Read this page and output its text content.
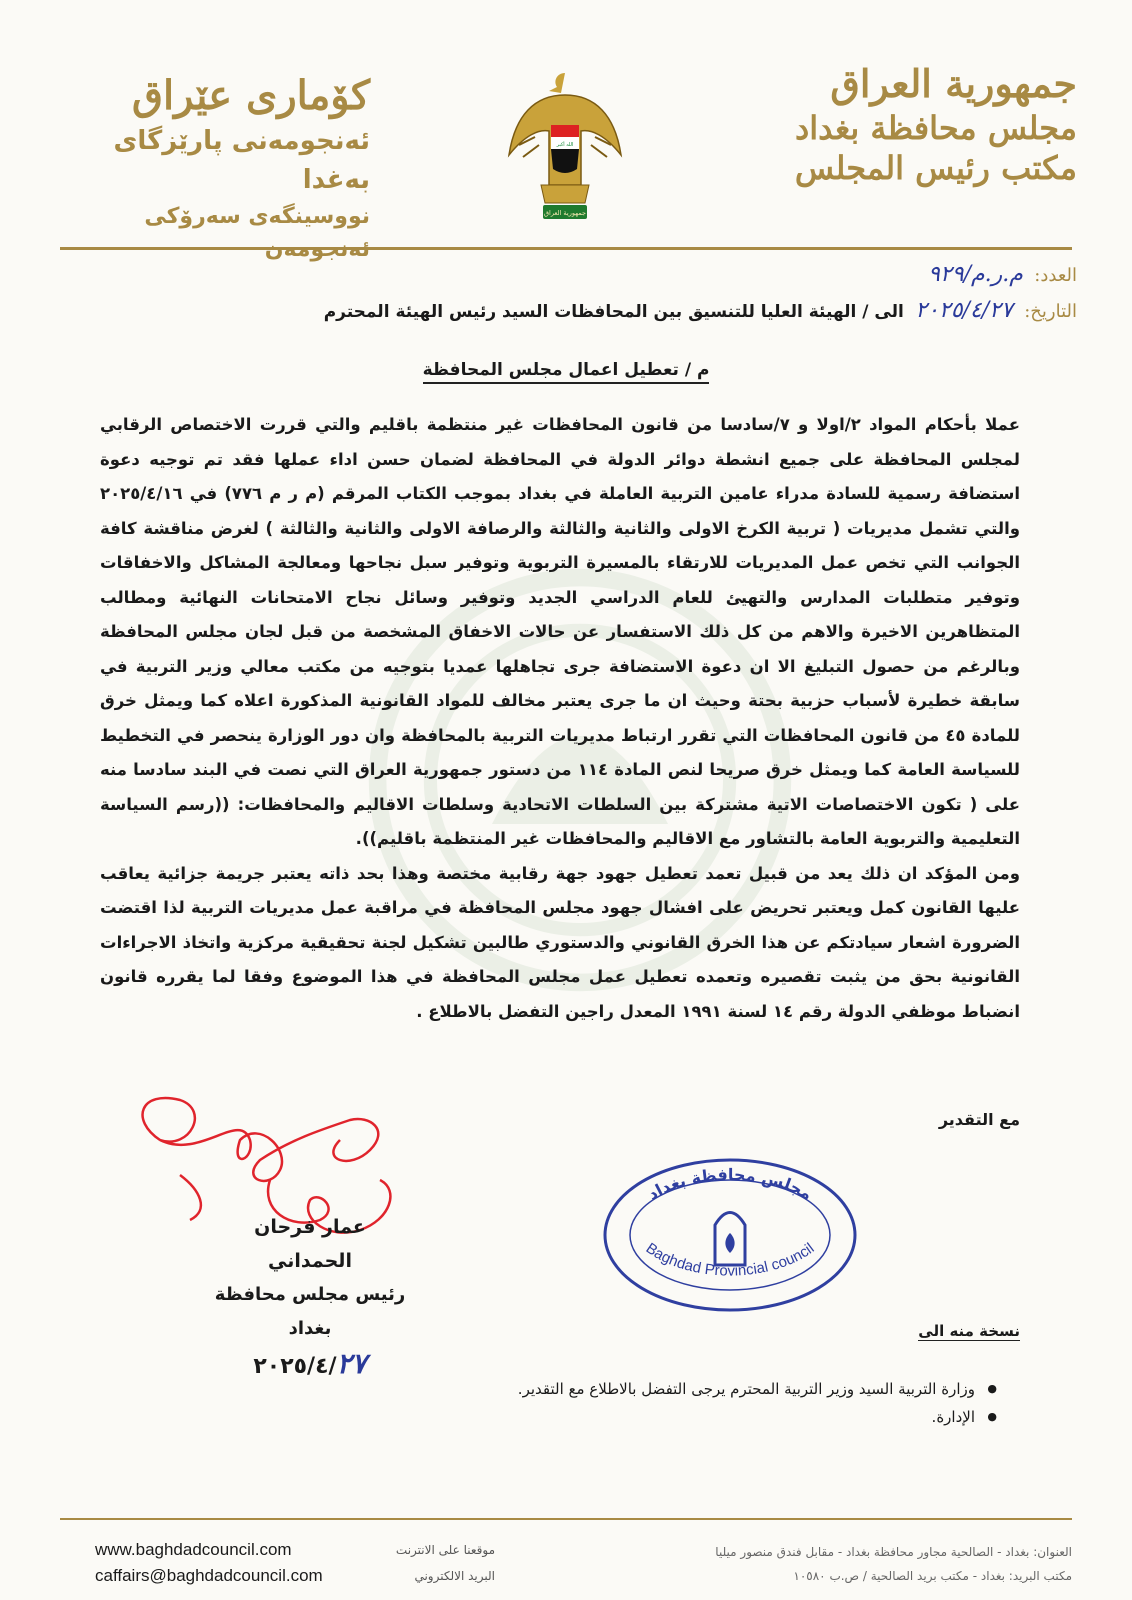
جمهورية العراق
مجلس محافظة بغداد
مكتب رئيس المجلس
الله أكبر
جمهورية العراق
كۆماری عێراق
ئەنجومەنی پارێزگای بەغدا
نووسینگەی سەرۆکی
العدد: م.ر.م/٩٢٩
التاريخ: ٢٠٢٥/٤/٢٧ الى / الهيئة العليا للتنسيق بين المحافظات السيد رئيس الهيئة المحترم
م / تعطيل اعمال مجلس المحافظة

عملا بأحكام المواد ٢/اولا و ٧/سادسا من قانون المحافظات غير منتظمة باقليم والتي قررت الاختصاص الرقابي لمجلس المحافظة على جميع انشطة دوائر الدولة في المحافظة لضمان حسن اداء عملها فقد تم توجيه دعوة استضافة رسمية للسادة مدراء عامين التربية العاملة في بغداد بموجب الكتاب المرقم (م ر م ٧٧٦) في ٢٠٢٥/٤/١٦ والتي تشمل مديريات ( تربية الكرخ الاولى والثانية والثالثة والرصافة الاولى والثانية والثالثة ) لغرض مناقشة كافة الجوانب التي تخص عمل المديريات للارتقاء بالمسيرة التربوية وتوفير سبل نجاحها ومعالجة المشاكل والاخفاقات وتوفير متطلبات المدارس والتهيئ للعام الدراسي الجديد وتوفير وسائل نجاح الامتحانات النهائية ومطالب المتظاهرين الاخيرة والاهم من كل ذلك الاستفسار عن حالات الاخفاق المشخصة من قبل لجان مجلس المحافظة وبالرغم من حصول التبليغ الا ان دعوة الاستضافة جرى تجاهلها عمديا بتوجيه من مكتب معالي وزير التربية في سابقة خطيرة لأسباب حزبية بحتة وحيث ان ما جرى يعتبر مخالف للمواد القانونية المذكورة اعلاه كما ويمثل خرق للمادة ٤٥ من قانون المحافظات التي تقرر ارتباط مديريات التربية بالمحافظة وان دور الوزارة ينحصر في التخطيط للسياسة العامة كما ويمثل خرق صريحا لنص المادة ١١٤ من دستور جمهورية العراق التي نصت في البند سادسا منه على ( تكون الاختصاصات الاتية مشتركة بين السلطات الاتحادية وسلطات الاقاليم والمحافظات: ((رسم السياسة التعليمية والتربوية العامة بالتشاور مع الاقاليم والمحافظات غير المنتظمة باقليم)).

ومن المؤكد ان ذلك يعد من قبيل تعمد تعطيل جهود جهة رقابية مختصة وهذا بحد ذاته يعتبر جريمة جزائية يعاقب عليها القانون كمل ويعتبر تحريض على افشال جهود مجلس المحافظة في مراقبة عمل مديريات التربية لذا اقتضت الضرورة اشعار سيادتكم عن هذا الخرق القانوني والدستوري طالبين تشكيل لجنة تحقيقية مركزية واتخاذ الاجراءات القانونية بحق من يثبت تقصيره وتعمده تعطيل عمل مجلس المحافظة في هذا الموضوع وفقا لما يقرره قانون انضباط موظفي الدولة رقم ١٤ لسنة ١٩٩١ المعدل راجين التفضل بالاطلاع .

مع التقدير
عمار فرحان الحمداني
رئيس مجلس محافظة بغداد
٢٠٢٥/٤/٢٧
مجلس محافظة بغداد
Baghdad Provincial council
نسخة منه الى
● وزارة التربية السيد وزير التربية المحترم يرجى التفضل بالاطلاع مع التقدير.
● الإدارة.
www.baghdadcouncil.com	موقعنا على الانترنت
caffairs@baghdadcouncil.com	البريد الالكتروني
العنوان: بغداد - الصالحية مجاور محافظة بغداد - مقابل فندق منصور ميليا
مكتب البريد: بغداد - مكتب بريد الصالحية / ص.ب ١٠٥٨٠
